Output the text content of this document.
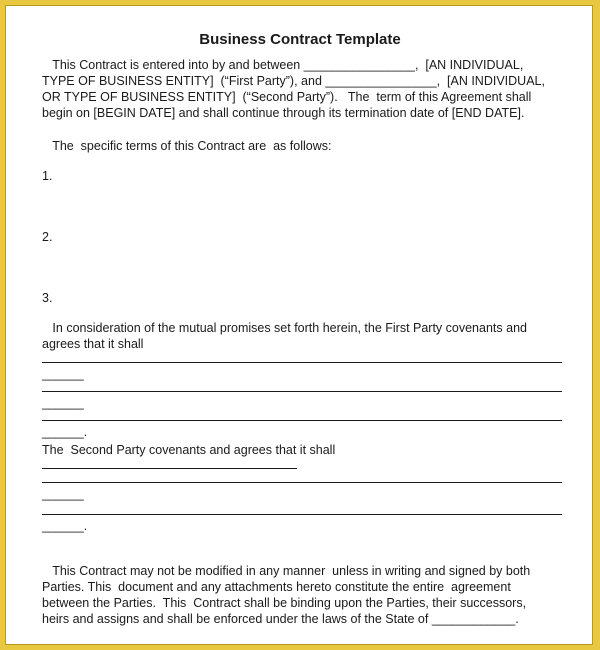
Business Contract Template
This Contract is entered into by and between ________________,  [AN INDIVIDUAL,
TYPE OF BUSINESS ENTITY]  (“First Party”), and ________________,  [AN INDIVIDUAL,
OR TYPE OF BUSINESS ENTITY]  (“Second Party”).   The  term of this Agreement shall
begin on [BEGIN DATE] and shall continue through its termination date of [END DATE].
The  specific terms of this Contract are  as follows:
1.
2.
3.
In consideration of the mutual promises set forth herein, the First Party covenants and
agrees that it shall
______
______
______.
The  Second Party covenants and agrees that it shall
______
______.
This Contract may not be modified in any manner  unless in writing and signed by both
Parties. This  document and any attachments hereto constitute the entire  agreement
between the Parties.  This  Contract shall be binding upon the Parties, their successors,
heirs and assigns and shall be enforced under the laws of the State of ____________.
